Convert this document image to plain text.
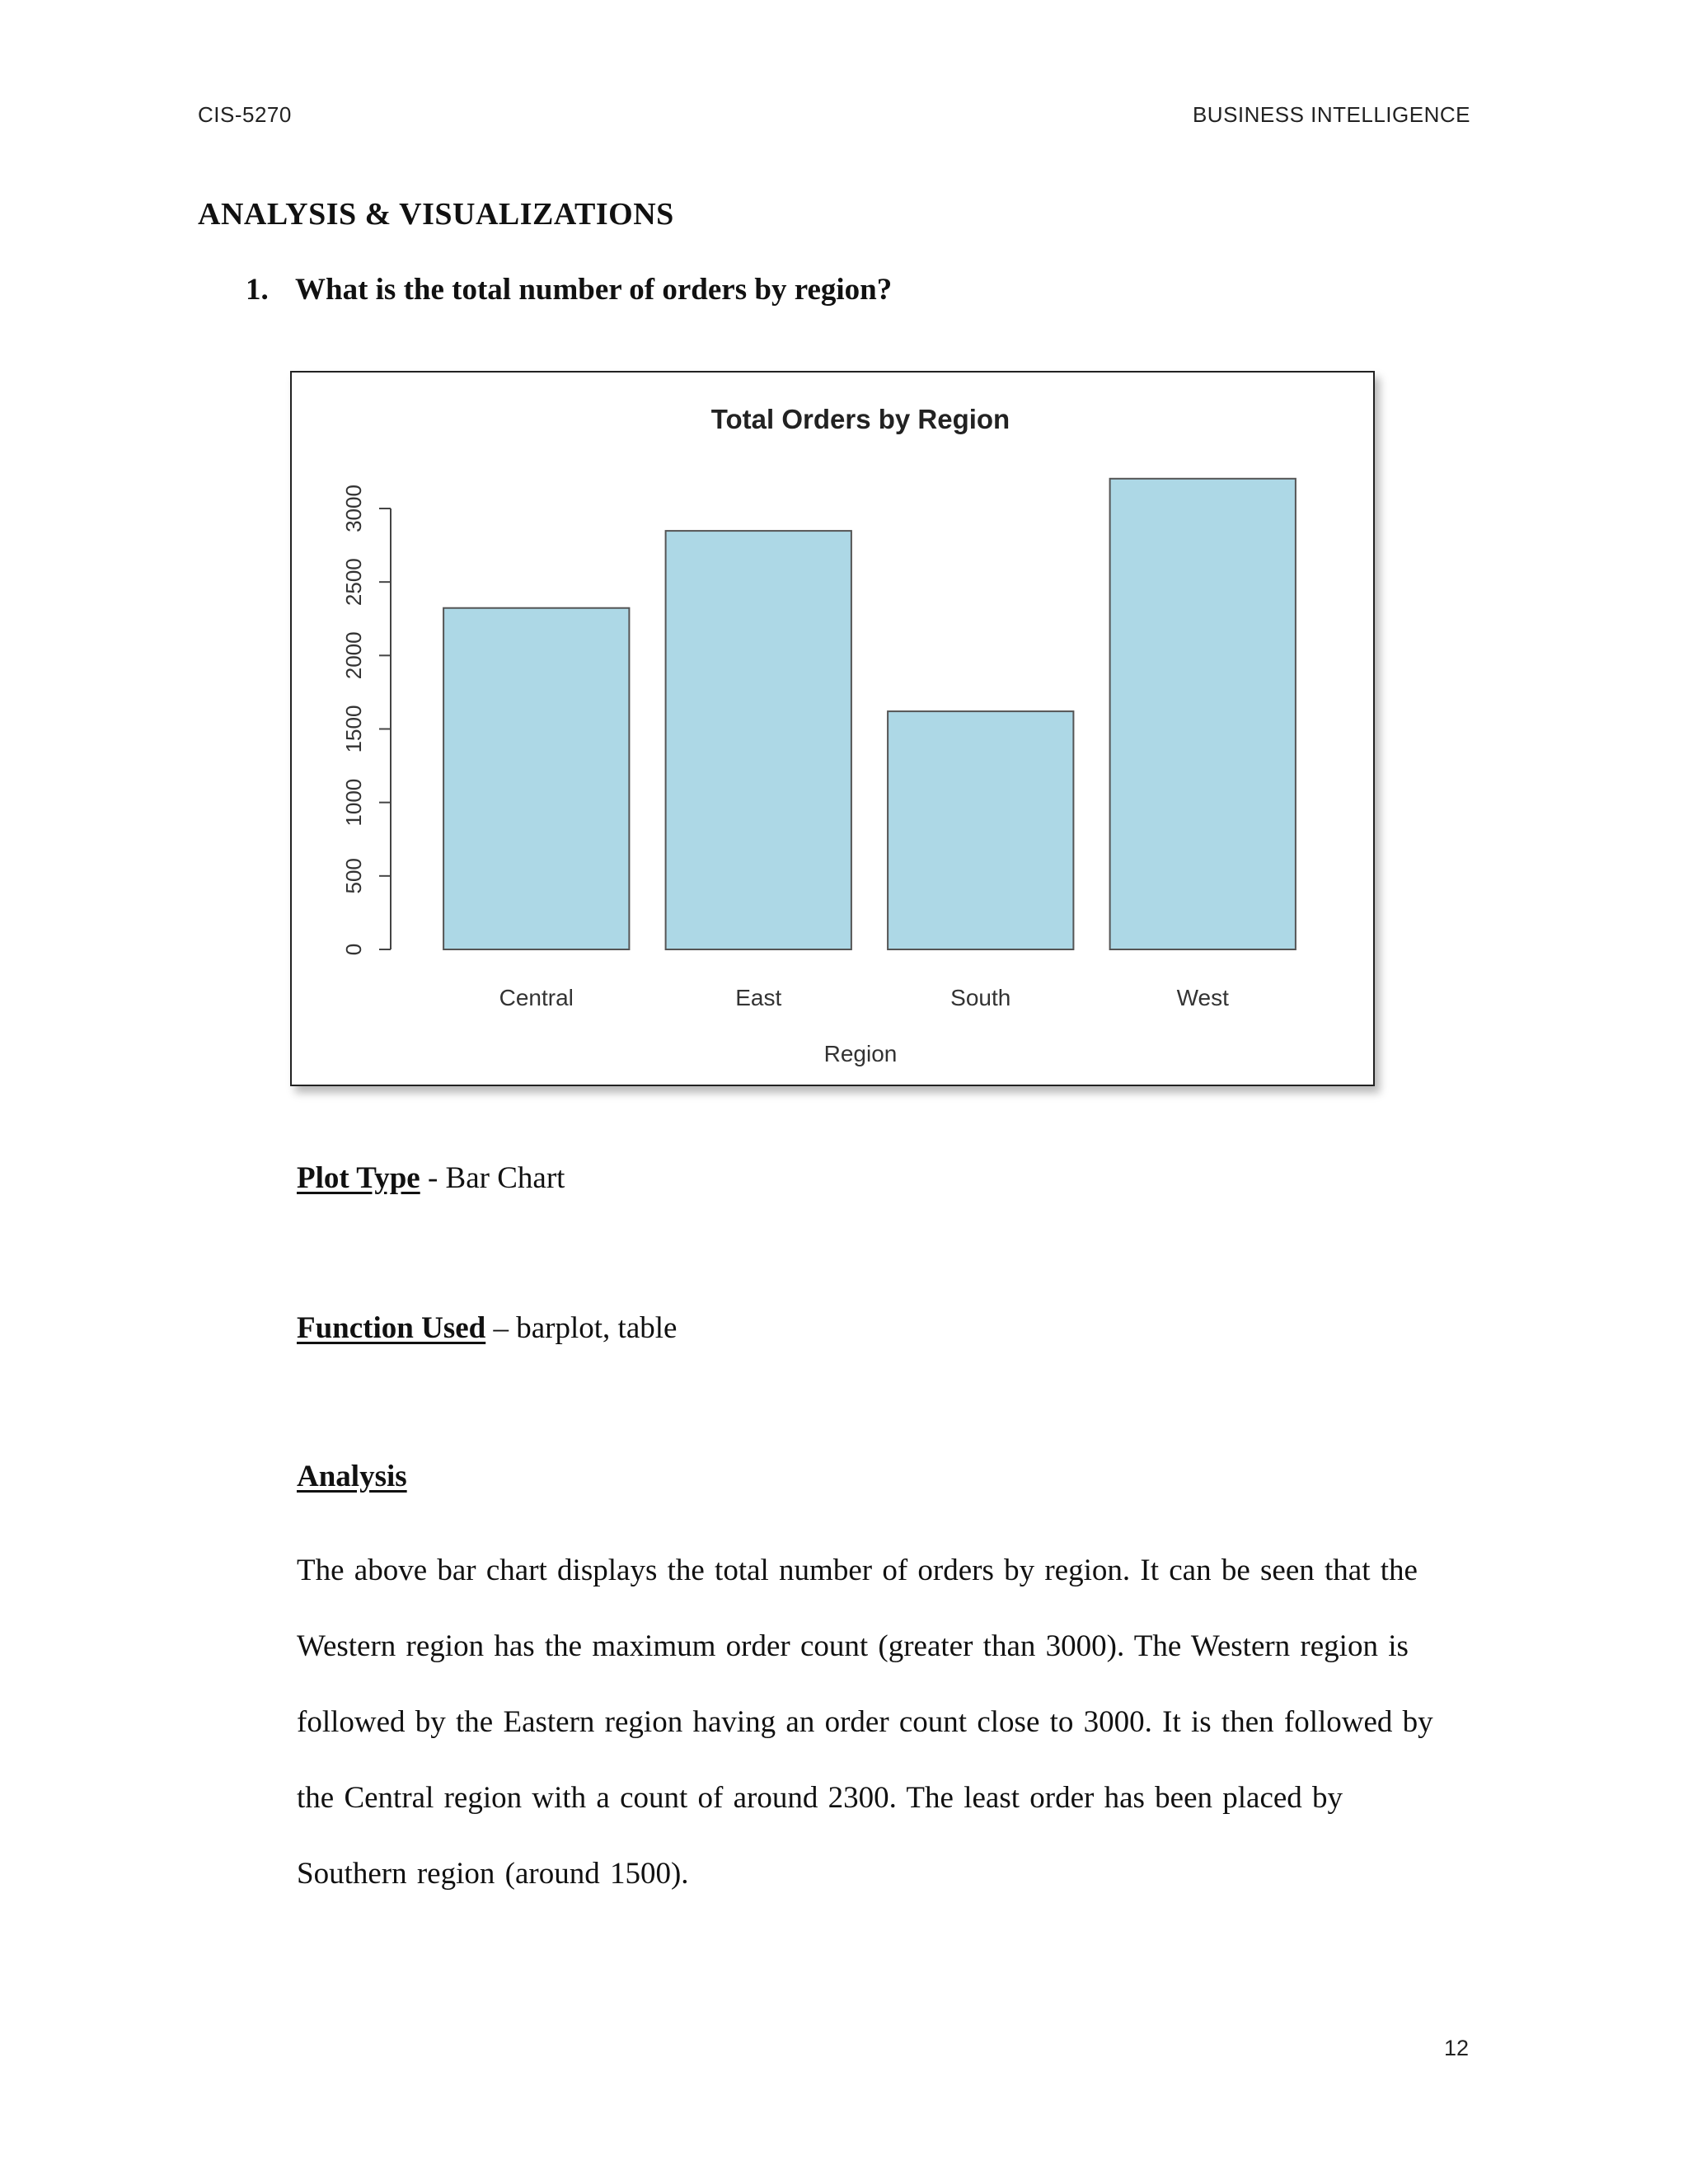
CIS-5270	BUSINESS INTELLIGENCE
ANALYSIS & VISUALIZATIONS
1. What is the total number of orders by region?
Total Orders by Region
Region
0
500
1000
1500
2000
2500
3000
Central	East	South	West
Plot Type - Bar Chart
Function Used – barplot, table
Analysis
The above bar chart displays the total number of orders by region. It can be seen that the
Western region has the maximum order count (greater than 3000). The Western region is
followed by the Eastern region having an order count close to 3000. It is then followed by
the Central region with a count of around 2300. The least order has been placed by
Southern region (around 1500).
12
